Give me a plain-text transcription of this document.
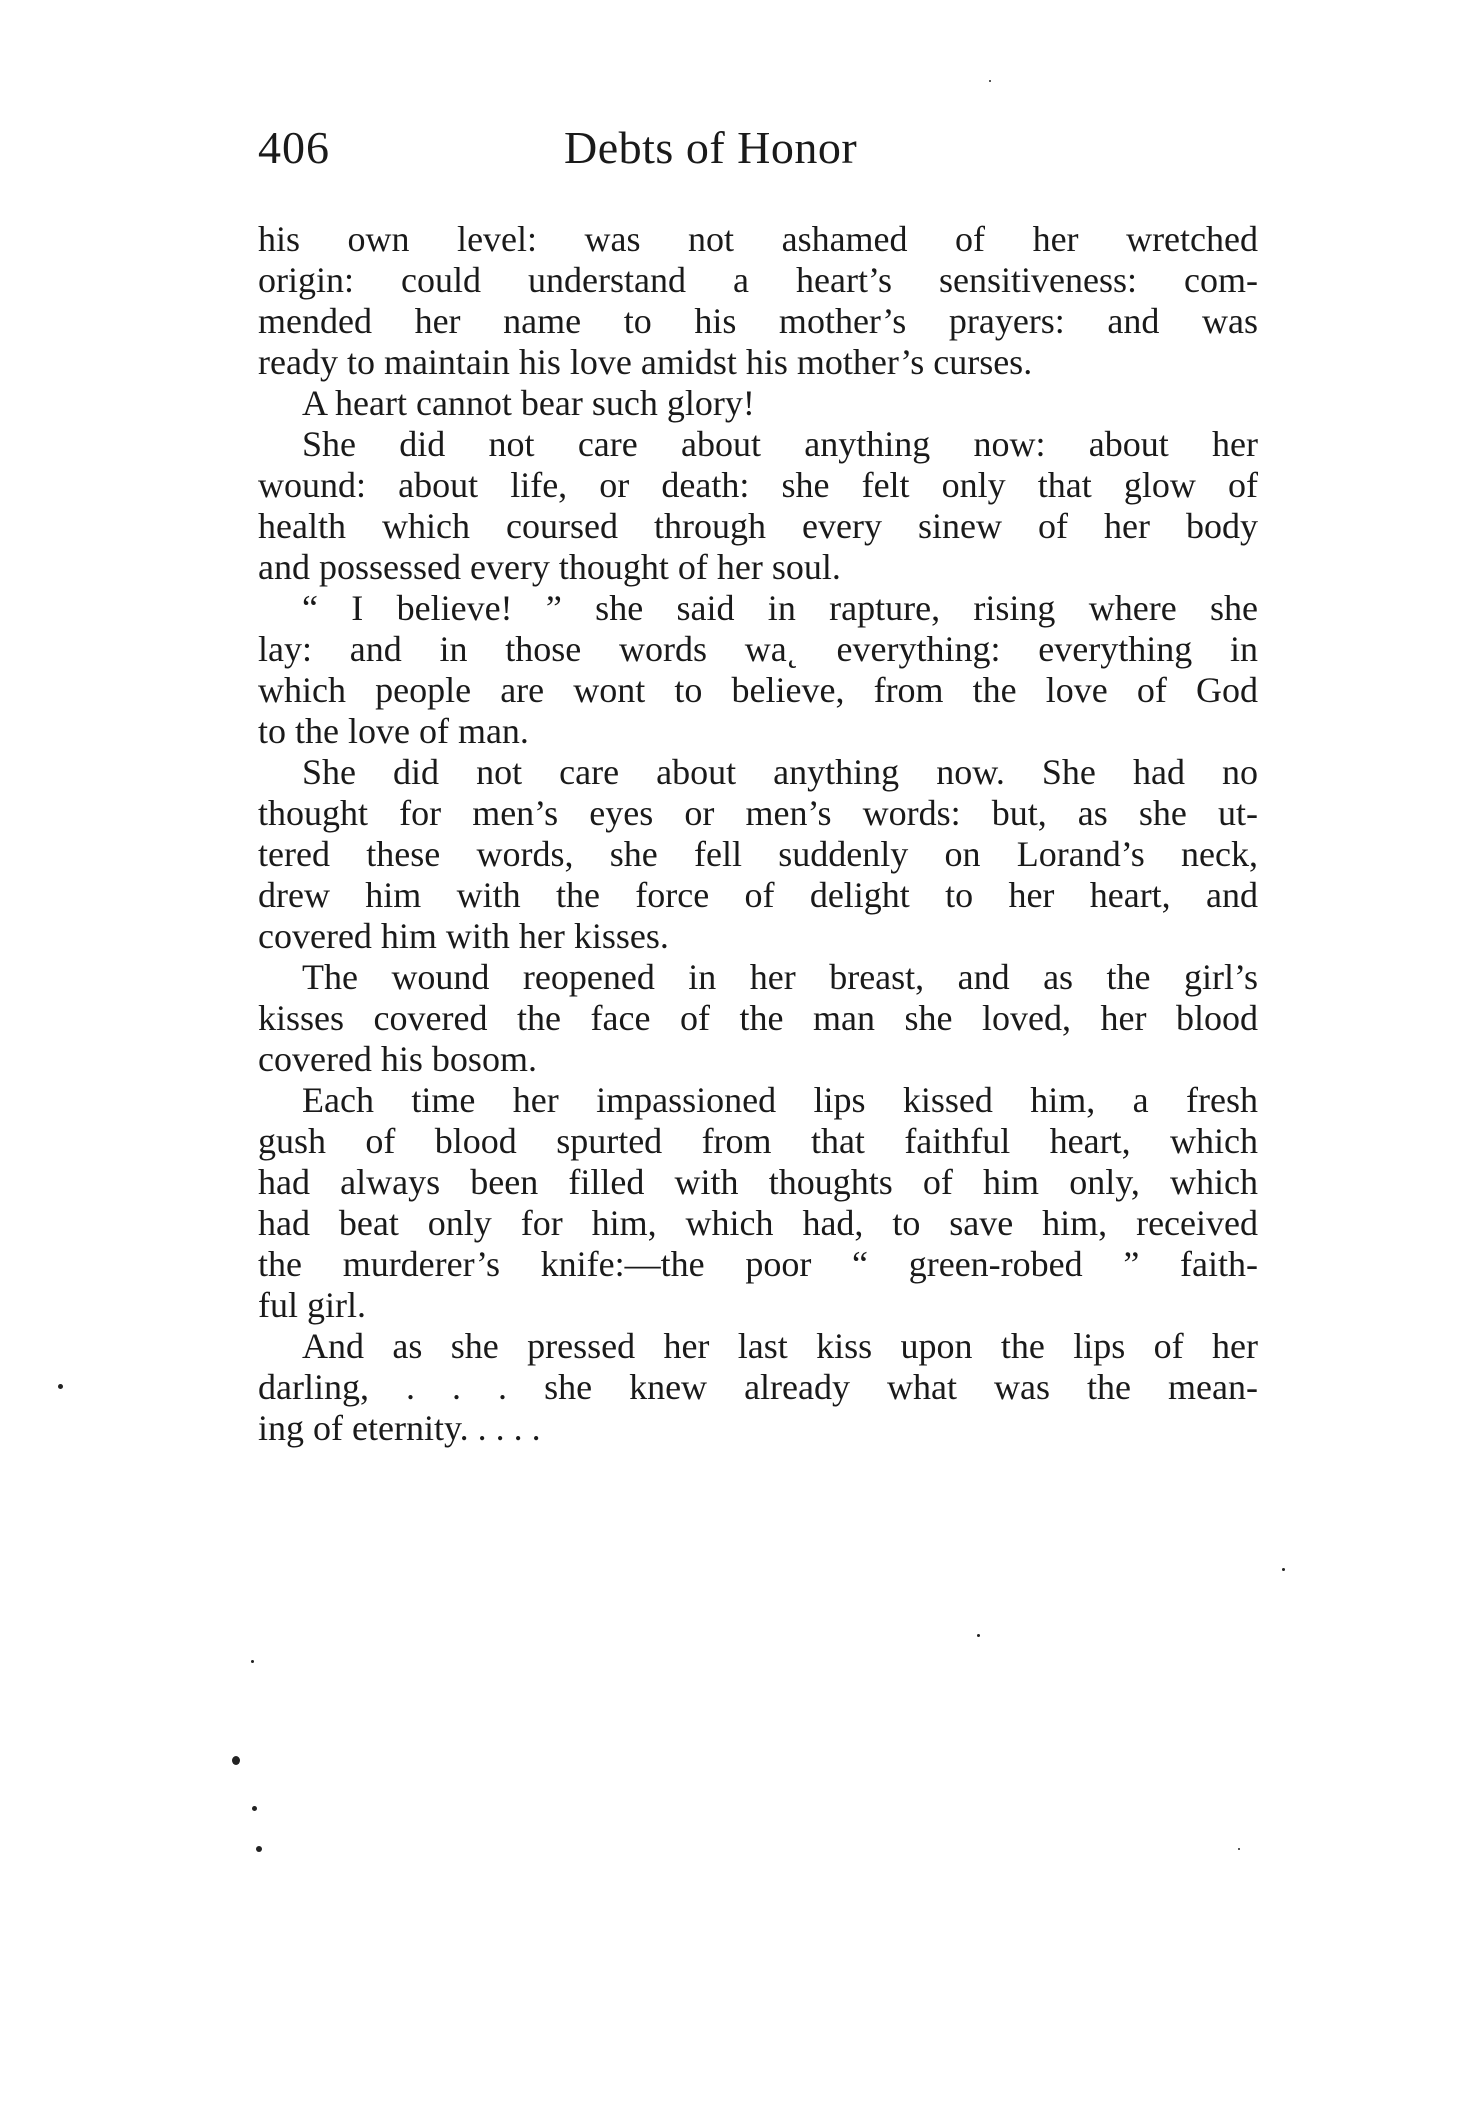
406	Debts of Honor
his own level: was not ashamed of her wretched
origin: could understand a heart’s sensitiveness: com-
mended her name to his mother’s prayers: and was
ready to maintain his love amidst his mother’s curses.
A heart cannot bear such glory!
She did not care about anything now: about her
wound: about life, or death: she felt only that glow of
health which coursed through every sinew of her body
and possessed every thought of her soul.
“ I believe! ” she said in rapture, rising where she
lay: and in those words wa˛ everything: everything in
which people are wont to believe, from the love of God
to the love of man.
She did not care about anything now. She had no
thought for men’s eyes or men’s words: but, as she ut-
tered these words, she fell suddenly on Lorand’s neck,
drew him with the force of delight to her heart, and
covered him with her kisses.
The wound reopened in her breast, and as the girl’s
kisses covered the face of the man she loved, her blood
covered his bosom.
Each time her impassioned lips kissed him, a fresh
gush of blood spurted from that faithful heart, which
had always been filled with thoughts of him only, which
had beat only for him, which had, to save him, received
the murderer’s knife:—the poor “ green-robed ” faith-
ful girl.
And as she pressed her last kiss upon the lips of her
darling, . . . she knew already what was the mean-
ing of eternity. . . . .
